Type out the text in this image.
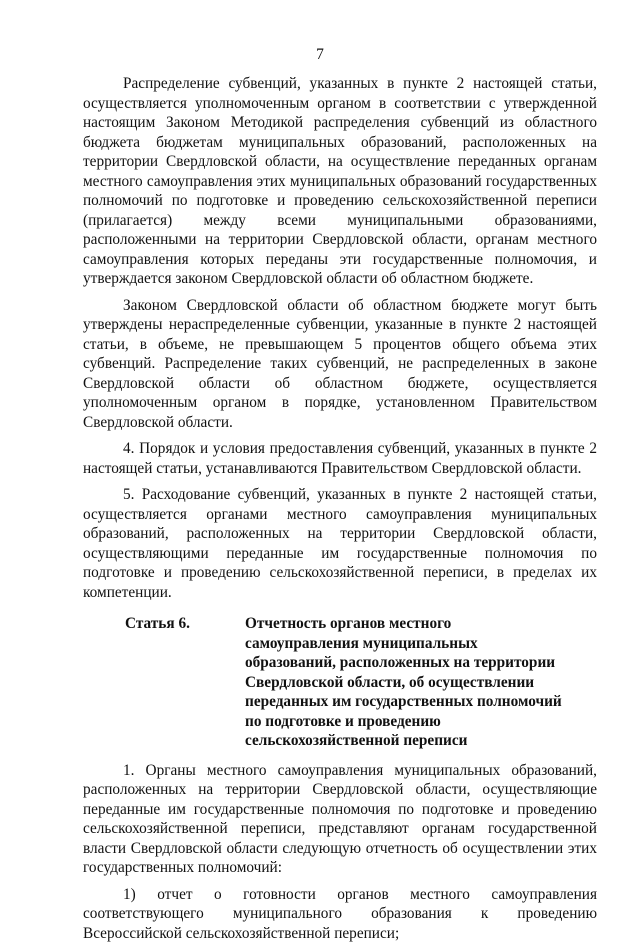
7

Распределение субвенций, указанных в пункте 2 настоящей статьи, осуществляется уполномоченным органом в соответствии с утвержденной настоящим Законом Методикой распределения субвенций из областного бюджета бюджетам муниципальных образований, расположенных на территории Свердловской области, на осуществление переданных органам местного самоуправления этих муниципальных образований государственных полномочий по подготовке и проведению сельскохозяйственной переписи (прилагается) между всеми муниципальными образованиями, расположенными на территории Свердловской области, органам местного самоуправления которых переданы эти государственные полномочия, и утверждается законом Свердловской области об областном бюджете.

Законом Свердловской области об областном бюджете могут быть утверждены нераспределенные субвенции, указанные в пункте 2 настоящей статьи, в объеме, не превышающем 5 процентов общего объема этих субвенций. Распределение таких субвенций, не распределенных в законе Свердловской области об областном бюджете, осуществляется уполномоченным органом в порядке, установленном Правительством Свердловской области.

4. Порядок и условия предоставления субвенций, указанных в пункте 2 настоящей статьи, устанавливаются Правительством Свердловской области.

5. Расходование субвенций, указанных в пункте 2 настоящей статьи, осуществляется органами местного самоуправления муниципальных образований, расположенных на территории Свердловской области, осуществляющими переданные им государственные полномочия по подготовке и проведению сельскохозяйственной переписи, в пределах их компетенции.

Статья 6.	Отчетность органов местного самоуправления муниципальных образований, расположенных на территории Свердловской области, об осуществлении переданных им государственных полномочий по подготовке и проведению сельскохозяйственной переписи

1. Органы местного самоуправления муниципальных образований, расположенных на территории Свердловской области, осуществляющие переданные им государственные полномочия по подготовке и проведению сельскохозяйственной переписи, представляют органам государственной власти Свердловской области следующую отчетность об осуществлении этих государственных полномочий:

1) отчет о готовности органов местного самоуправления соответствующего муниципального образования к проведению Всероссийской сельскохозяйственной переписи;
